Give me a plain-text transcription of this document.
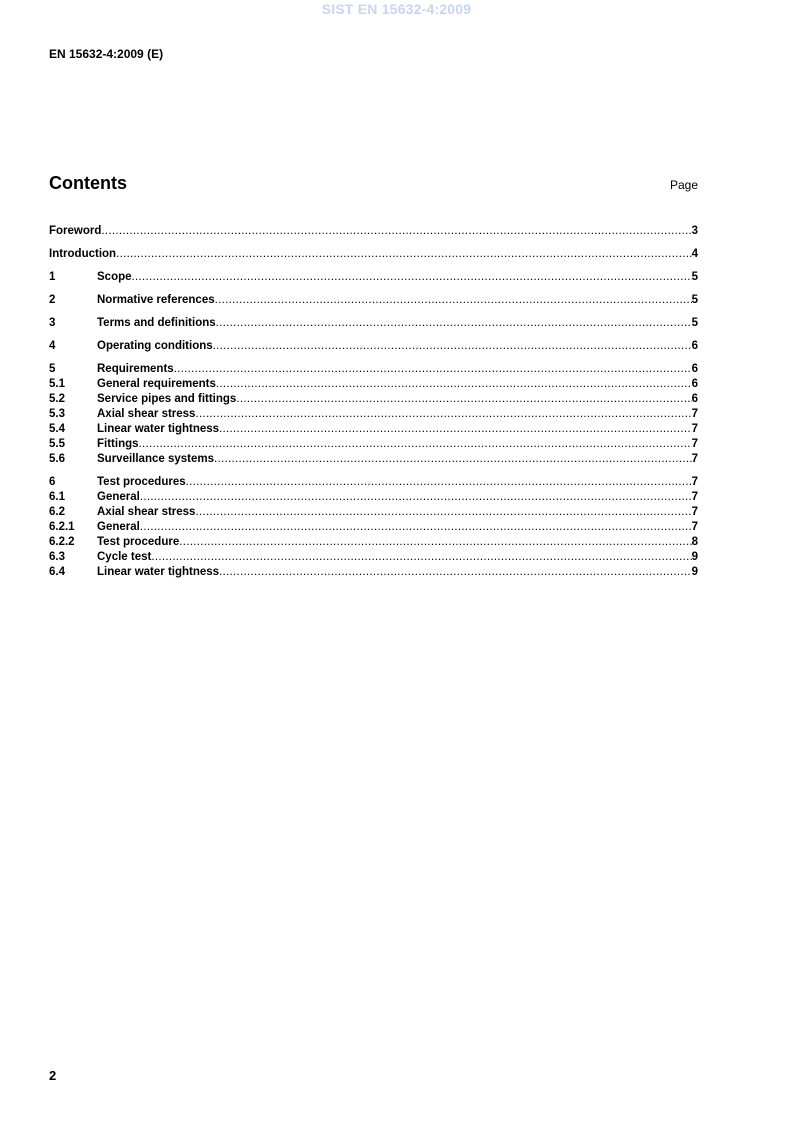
SIST EN 15632-4:2009
EN 15632-4:2009 (E)
Contents	Page
Foreword .....	3
Introduction .....	4
1	Scope .....	5
2	Normative references .....	5
3	Terms and definitions .....	5
4	Operating conditions .....	6
5	Requirements .....	6
5.1	General requirements .....	6
5.2	Service pipes and fittings .....	6
5.3	Axial shear stress .....	7
5.4	Linear water tightness .....	7
5.5	Fittings .....	7
5.6	Surveillance systems .....	7
6	Test procedures .....	7
6.1	General .....	7
6.2	Axial shear stress .....	7
6.2.1	General .....	7
6.2.2	Test procedure .....	8
6.3	Cycle test .....	9
6.4	Linear water tightness .....	9
2
